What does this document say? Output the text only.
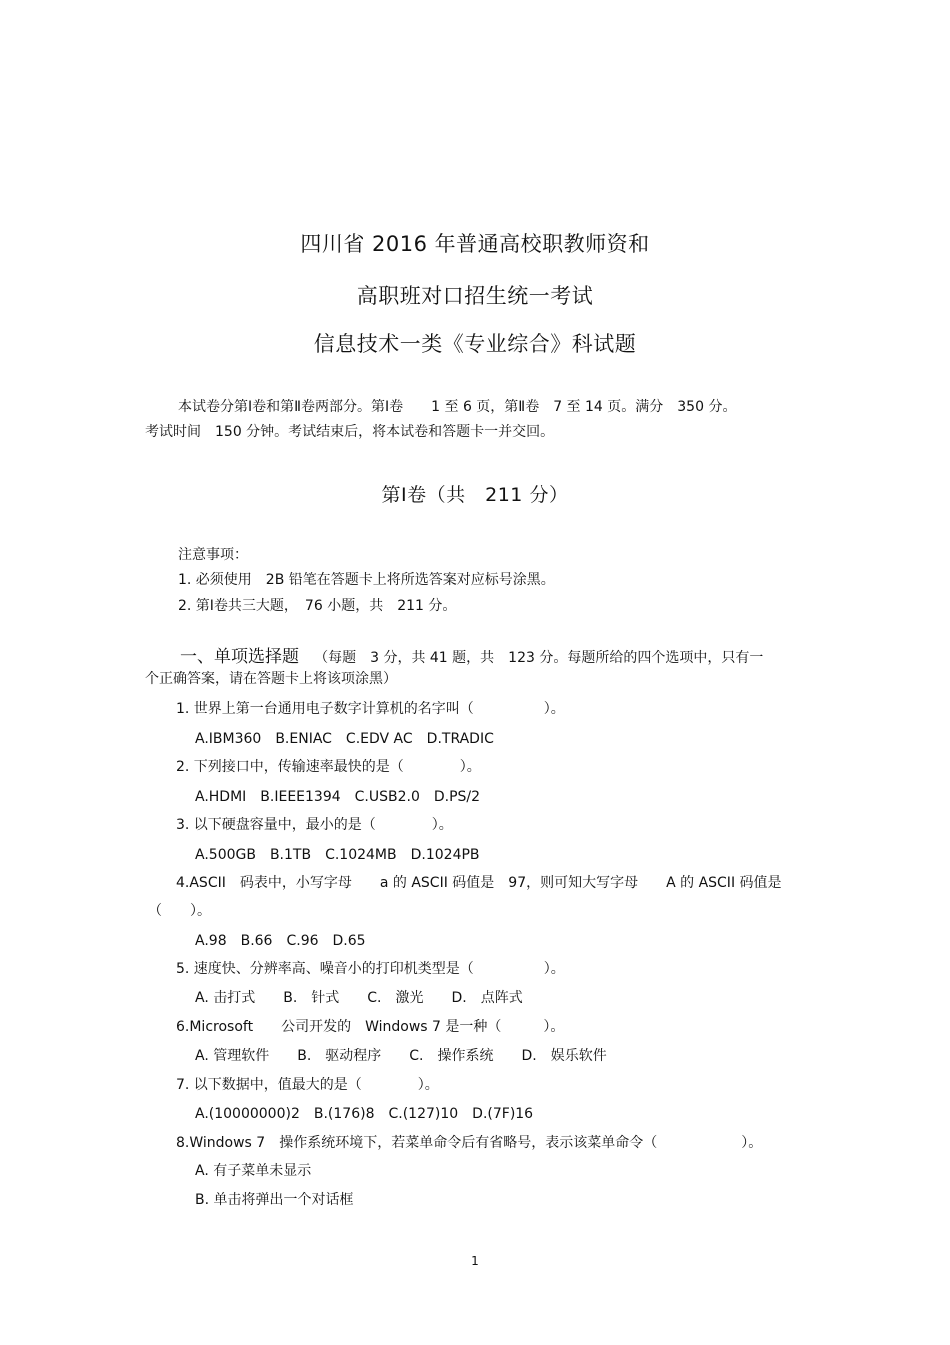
四川省 2016 年普通高校职教师资和
高职班对口招生统一考试
信息技术一类《专业综合》科试题
本试卷分第Ⅰ卷和第Ⅱ卷两部分。第Ⅰ卷　　1 至 6 页，第Ⅱ卷　7 至 14 页。满分　350 分。
考试时间　150 分钟。考试结束后，将本试卷和答题卡一并交回。
第Ⅰ卷（共　211 分）
注意事项：
1. 必须使用　2B 铅笔在答题卡上将所选答案对应标号涂黑。
2. 第Ⅰ卷共三大题，　76 小题，共　211 分。
一、单项选择题 （每题　3 分，共 41 题，共　123 分。每题所给的四个选项中，只有一
个正确答案，请在答题卡上将该项涂黑）
1. 世界上第一台通用电子数字计算机的名字叫（　　　　　）。
A.IBM360　B.ENIAC　C.EDV AC　D.TRADIC
2. 下列接口中，传输速率最快的是（　　　　）。
A.HDMI　B.IEEE1394　C.USB2.0　D.PS/2
3. 以下硬盘容量中，最小的是（　　　　）。
A.500GB　B.1TB　C.1024MB　D.1024PB
4.ASCII　码表中，小写字母　　a 的 ASCII 码值是　97，则可知大写字母　　A 的 ASCII 码值是
（　　）。
A.98　B.66　C.96　D.65
5. 速度快、分辨率高、噪音小的打印机类型是（　　　　　）。
A. 击打式　　B.　针式　　C.　激光　　D.　点阵式
6.Microsoft　　公司开发的　Windows 7 是一种（　　　）。
A. 管理软件　　B.　驱动程序　　C.　操作系统　　D.　娱乐软件
7. 以下数据中，值最大的是（　　　　）。
A.(10000000)2　B.(176)8　C.(127)10　D.(7F)16
8.Windows 7　操作系统环境下，若菜单命令后有省略号，表示该菜单命令（　　　　　　）。
A. 有子菜单未显示
B. 单击将弹出一个对话框
1
